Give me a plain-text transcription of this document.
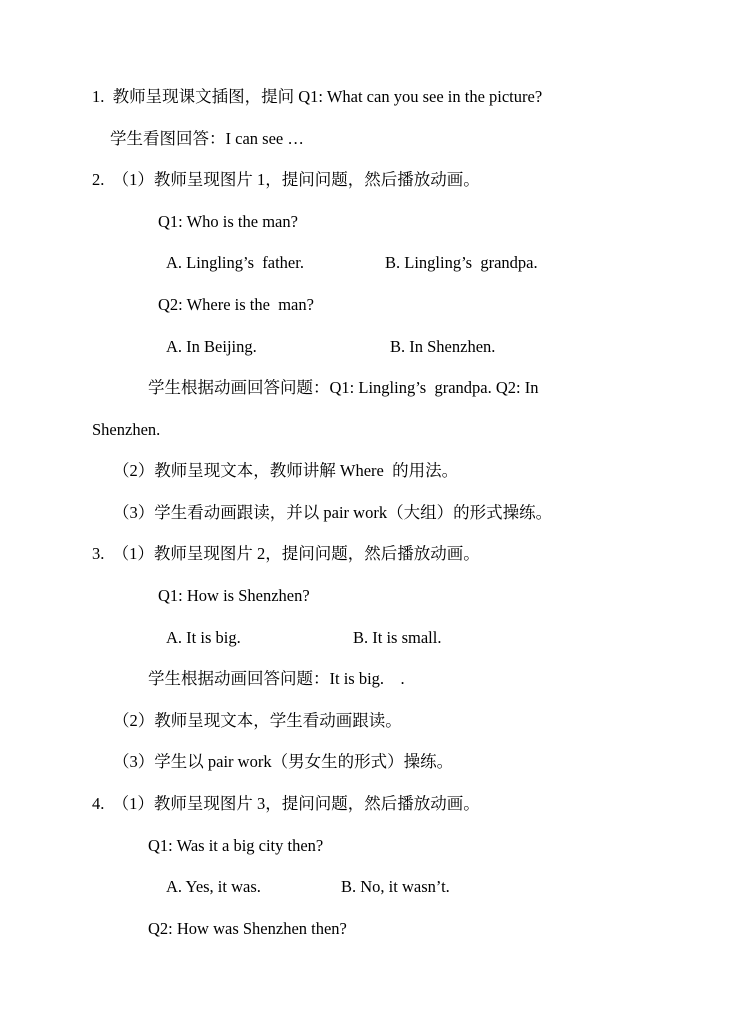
1.  教师呈现课文插图，提问 Q1: What can you see in the picture?
学生看图回答：I can see …
2.  （1）教师呈现图片 1，提问问题，然后播放动画。
Q1: Who is the man?
A. Lingling’s  father.	B. Lingling’s  grandpa.
Q2: Where is the  man?
A. In Beijing.	B. In Shenzhen.
学生根据动画回答问题：Q1: Lingling’s  grandpa. Q2: In
Shenzhen.
（2）教师呈现文本，教师讲解 Where  的用法。
（3）学生看动画跟读，并以 pair work（大组）的形式操练。
3.  （1）教师呈现图片 2，提问问题，然后播放动画。
Q1: How is Shenzhen?
A. It is big.	B. It is small.
学生根据动画回答问题：It is big.    .
（2）教师呈现文本，学生看动画跟读。
（3）学生以 pair work（男女生的形式）操练。
4.  （1）教师呈现图片 3，提问问题，然后播放动画。
Q1: Was it a big city then?
A. Yes, it was.	B. No, it wasn’t.
Q2: How was Shenzhen then?
